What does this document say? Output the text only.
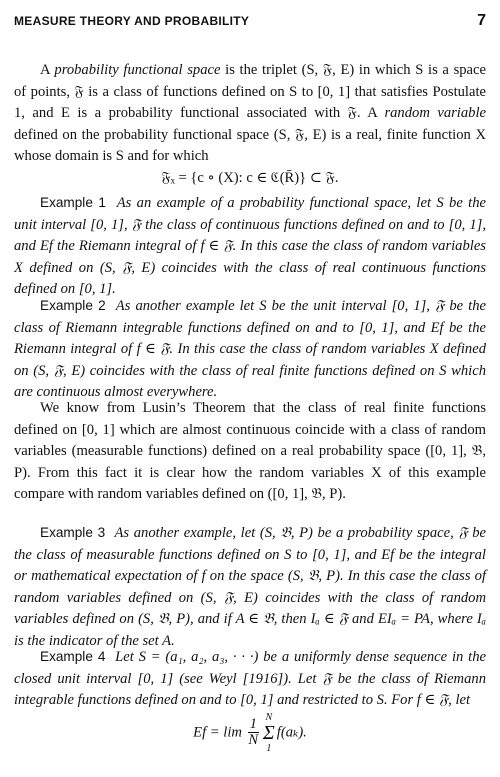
MEASURE THEORY AND PROBABILITY	7

A probability functional space is the triplet (S, 𝔉, E) in which S is a space of points, 𝔉 is a class of functions defined on S to [0, 1] that satisfies Postulate 1, and E is a probability functional associated with 𝔉. A random variable defined on the probability functional space (S, 𝔉, E) is a real, finite function X whose domain is S and for which

𝔉ₓ = {c ∘ (X): c ∈ ℭ(R̄)} ⊂ 𝔉.

Example 1 As an example of a probability functional space, let S be the unit interval [0, 1], 𝔉 the class of continuous functions defined on and to [0, 1], and Ef the Riemann integral of f ∈ 𝔉. In this case the class of random variables X defined on (S, 𝔉, E) coincides with the class of real continuous functions defined on [0, 1].

Example 2 As another example let S be the unit interval [0, 1], 𝔉 be the class of Riemann integrable functions defined on and to [0, 1], and Ef be the Riemann integral of f ∈ 𝔉. In this case the class of random variables X defined on (S, 𝔉, E) coincides with the class of real finite functions defined on S which are continuous almost everywhere.

We know from Lusin’s Theorem that the class of real finite functions defined on [0, 1] which are almost continuous coincide with a class of random variables (measurable functions) defined on a real probability space ([0, 1], 𝔅, P). From this fact it is clear how the random variables X of this example compare with random variables defined on ([0, 1], 𝔅, P).

Example 3 As another example, let (S, 𝔅, P) be a probability space, 𝔉 be the class of measurable functions defined on S to [0, 1], and Ef be the integral or mathematical expectation of f on the space (S, 𝔅, P). In this case the class of random variables defined on (S, 𝔉, E) coincides with the class of random variables defined on (S, 𝔅, P), and if A ∈ 𝔅, then Iₐ ∈ 𝔉 and EIₐ = PA, where Iₐ is the indicator of the set A.

Example 4 Let S = (a₁, a₂, a₃, · · ·) be a uniformly dense sequence in the closed unit interval [0, 1] (see Weyl [1916]). Let 𝔉 be the class of Riemann integrable functions defined on and to [0, 1] and restricted to S. For f ∈ 𝔉, let

$Ef = \lim \frac{1}{N}$ N
Σ
1
f(aₖ).
